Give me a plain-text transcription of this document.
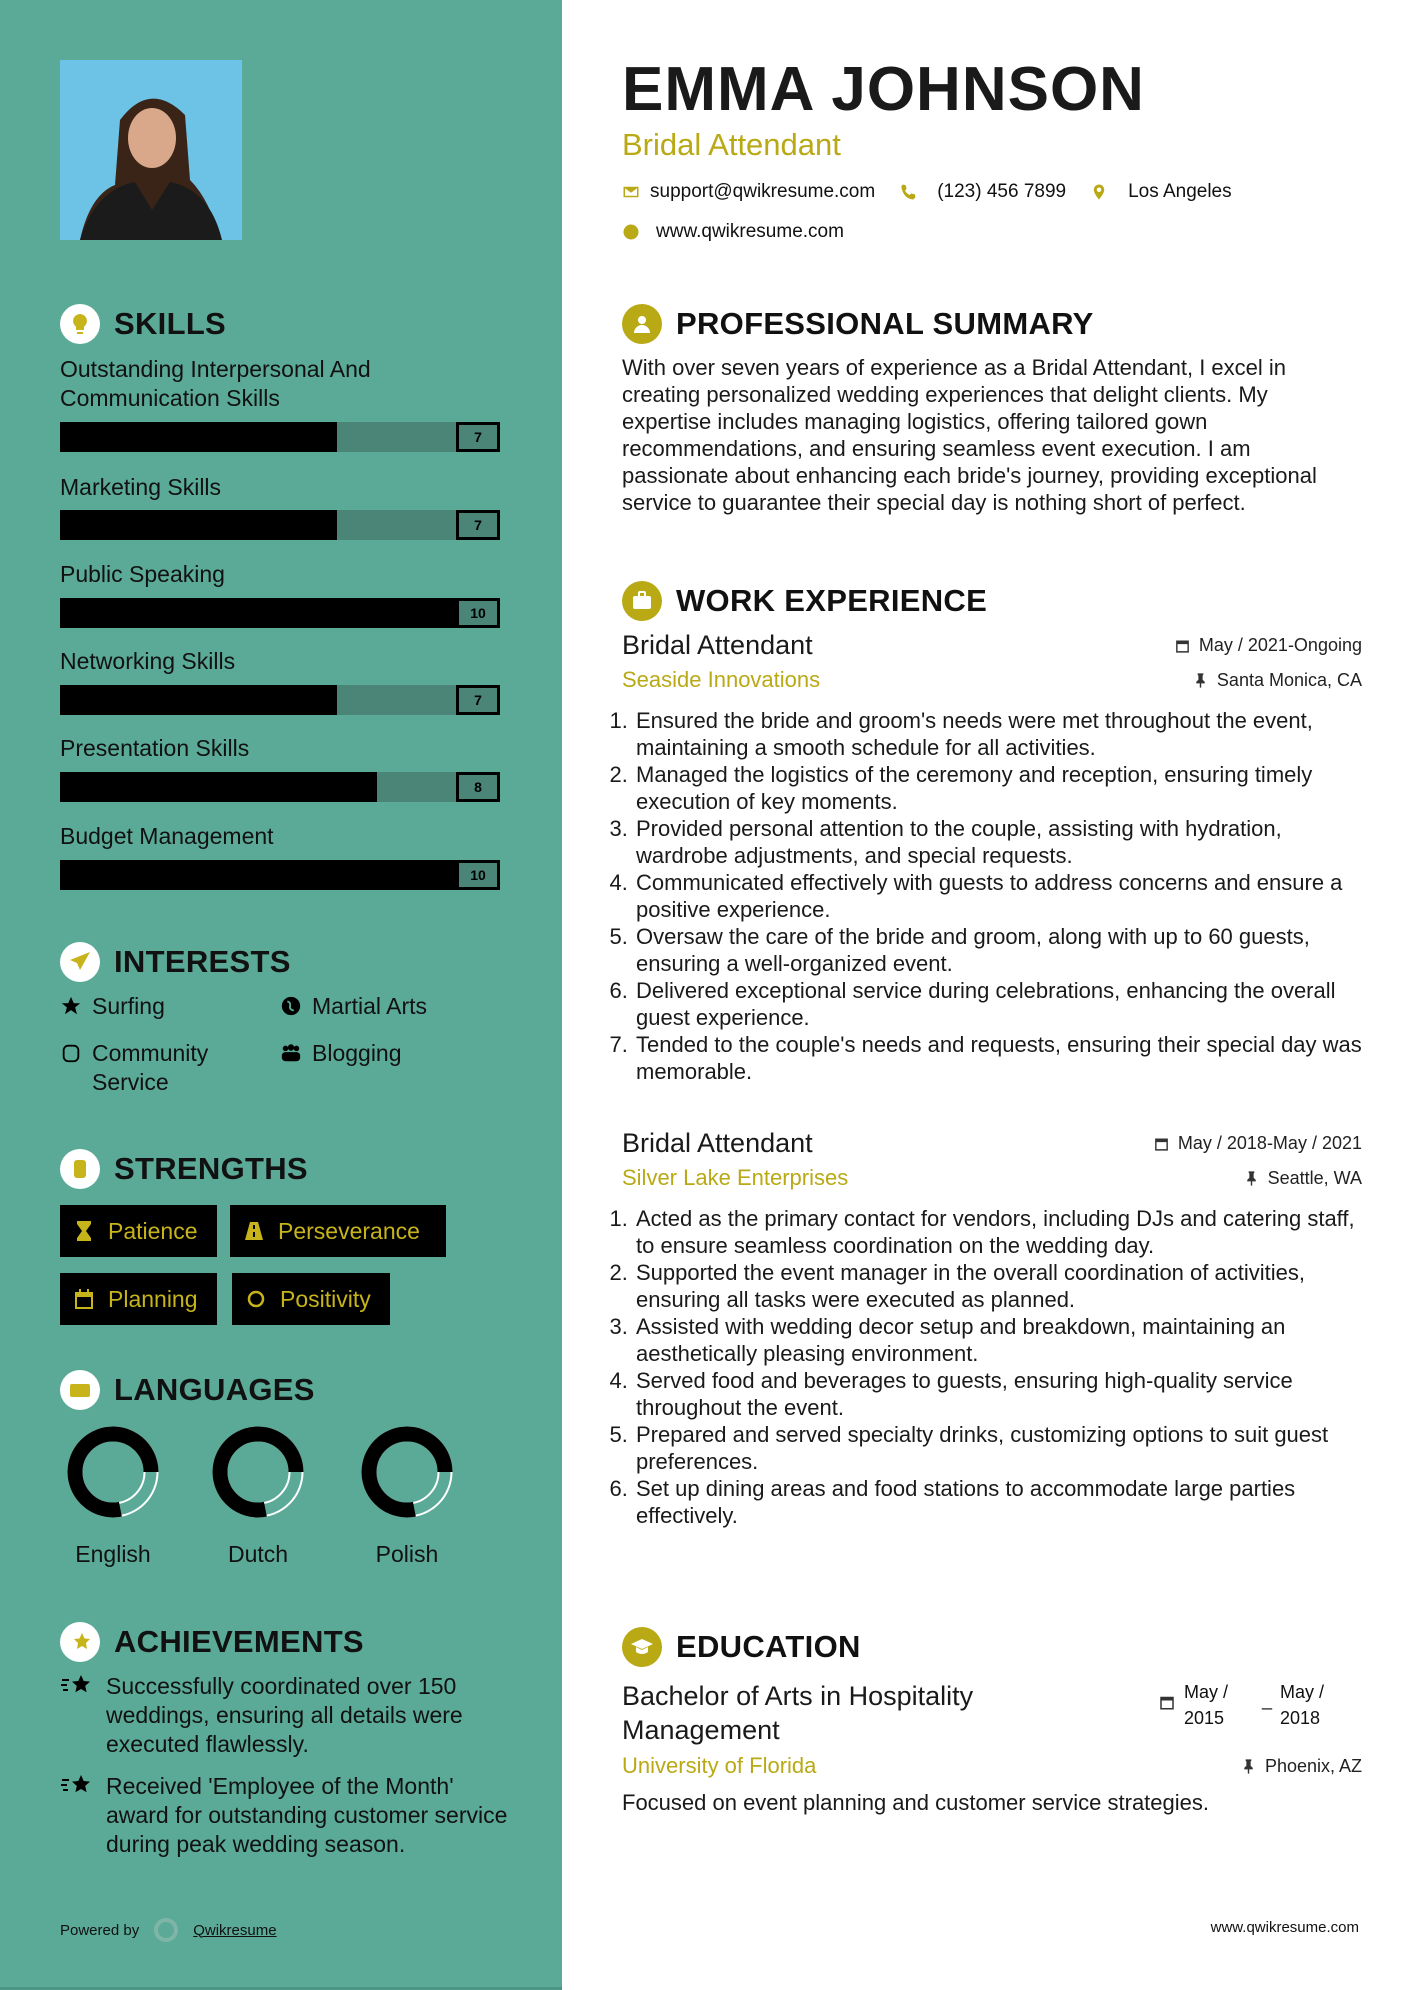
SKILLS
Outstanding Interpersonal And Communication Skills
7
Marketing Skills
7
Public Speaking
10
Networking Skills
7
Presentation Skills
8
Budget Management
10
INTERESTS
Surfing	Martial Arts
Community Service
Blogging
STRENGTHS
Patience	Perseverance
Planning	Positivity
LANGUAGES
English	Dutch	Polish
ACHIEVEMENTS
Successfully coordinated over 150 weddings, ensuring all details were executed flawlessly.
Received 'Employee of the Month' award for outstanding customer service during peak wedding season.
Powered by	Qwikresume
EMMA JOHNSON
Bridal Attendant
support@qwikresume.com	(123) 456 7899	Los Angeles
www.qwikresume.com
PROFESSIONAL SUMMARY

With over seven years of experience as a Bridal Attendant, I excel in creating personalized wedding experiences that delight clients. My expertise includes managing logistics, offering tailored gown recommendations, and ensuring seamless event execution. I am passionate about enhancing each bride's journey, providing exceptional service to guarantee their special day is nothing short of perfect.

WORK EXPERIENCE
Bridal Attendant	May / 2021-Ongoing
Seaside Innovations	Santa Monica, CA
1. Ensured the bride and groom's needs were met throughout the event, maintaining a smooth schedule for all activities.
2. Managed the logistics of the ceremony and reception, ensuring timely execution of key moments.
3. Provided personal attention to the couple, assisting with hydration, wardrobe adjustments, and special requests.
4. Communicated effectively with guests to address concerns and ensure a positive experience.
5. Oversaw the care of the bride and groom, along with up to 60 guests, ensuring a well-organized event.
6. Delivered exceptional service during celebrations, enhancing the overall guest experience.
7. Tended to the couple's needs and requests, ensuring their special day was memorable.
Bridal Attendant	May / 2018-May / 2021
Silver Lake Enterprises	Seattle, WA
1. Acted as the primary contact for vendors, including DJs and catering staff, to ensure seamless coordination on the wedding day.
2. Supported the event manager in the overall coordination of activities, ensuring all tasks were executed as planned.
3. Assisted with wedding decor setup and breakdown, maintaining an aesthetically pleasing environment.
4. Served food and beverages to guests, ensuring high-quality service throughout the event.
5. Prepared and served specialty drinks, customizing options to suit guest preferences.
6. Set up dining areas and food stations to accommodate large parties effectively.
EDUCATION
Bachelor of Arts in Hospitality Management
May / 2015
_ May / 2018
University of Florida	Phoenix, AZ

Focused on event planning and customer service strategies.

www.qwikresume.com
